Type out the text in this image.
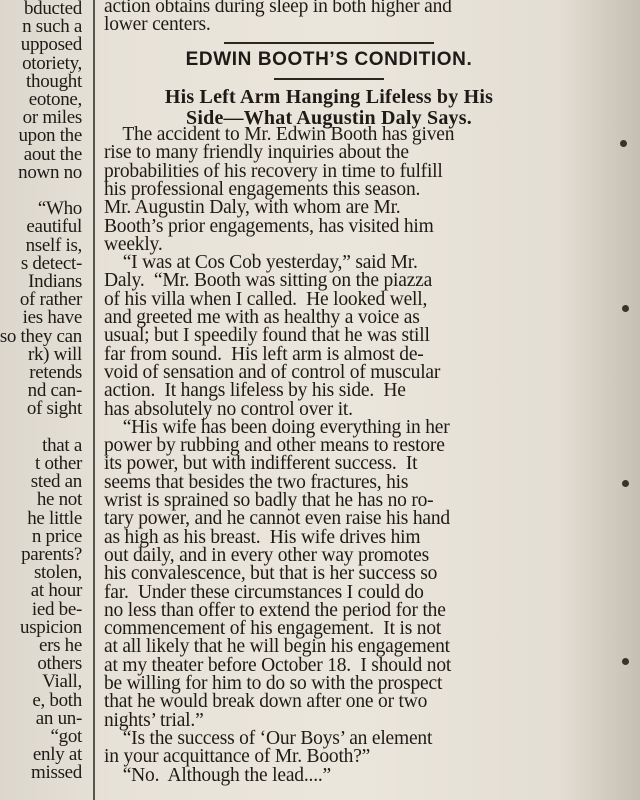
bducted
n such a
upposed
otoriety,
thought
eotone,
or miles
upon the
aout the
nown no
“Who
eautiful
nself is,
s detect-
Indians
of rather
ies have
so they can
rk) will
retends
nd can-
of sight
that a
t other
sted an
he not
he little
n price
parents?
stolen,
at hour
ied be-
uspicion
ers he
others
Viall,
e, both
an un-
“got
enly at
missed
action obtains during sleep in both higher and
lower centers.
EDWIN BOOTH’S CONDITION.
His Left Arm Hanging Lifeless by His
Side—What Augustin Daly Says.
The accident to Mr. Edwin Booth has given
rise to many friendly inquiries about the
probabilities of his recovery in time to fulfill
his professional engagements this season.
Mr. Augustin Daly, with whom are Mr.
Booth’s prior engagements, has visited him
weekly.
“I was at Cos Cob yesterday,” said Mr.
Daly.  “Mr. Booth was sitting on the piazza
of his villa when I called.  He looked well,
and greeted me with as healthy a voice as
usual; but I speedily found that he was still
far from sound.  His left arm is almost de-
void of sensation and of control of muscular
action.  It hangs lifeless by his side.  He
has absolutely no control over it.
“His wife has been doing everything in her
power by rubbing and other means to restore
its power, but with indifferent success.  It
seems that besides the two fractures, his
wrist is sprained so badly that he has no ro-
tary power, and he cannot even raise his hand
as high as his breast.  His wife drives him
out daily, and in every other way promotes
his convalescence, but that is her success so
far.  Under these circumstances I could do
no less than offer to extend the period for the
commencement of his engagement.  It is not
at all likely that he will begin his engagement
at my theater before October 18.  I should not
be willing for him to do so with the prospect
that he would break down after one or two
nights’ trial.”
“Is the success of ‘Our Boys’ an element
in your acquittance of Mr. Booth?”
“No.  Although the lead....”
